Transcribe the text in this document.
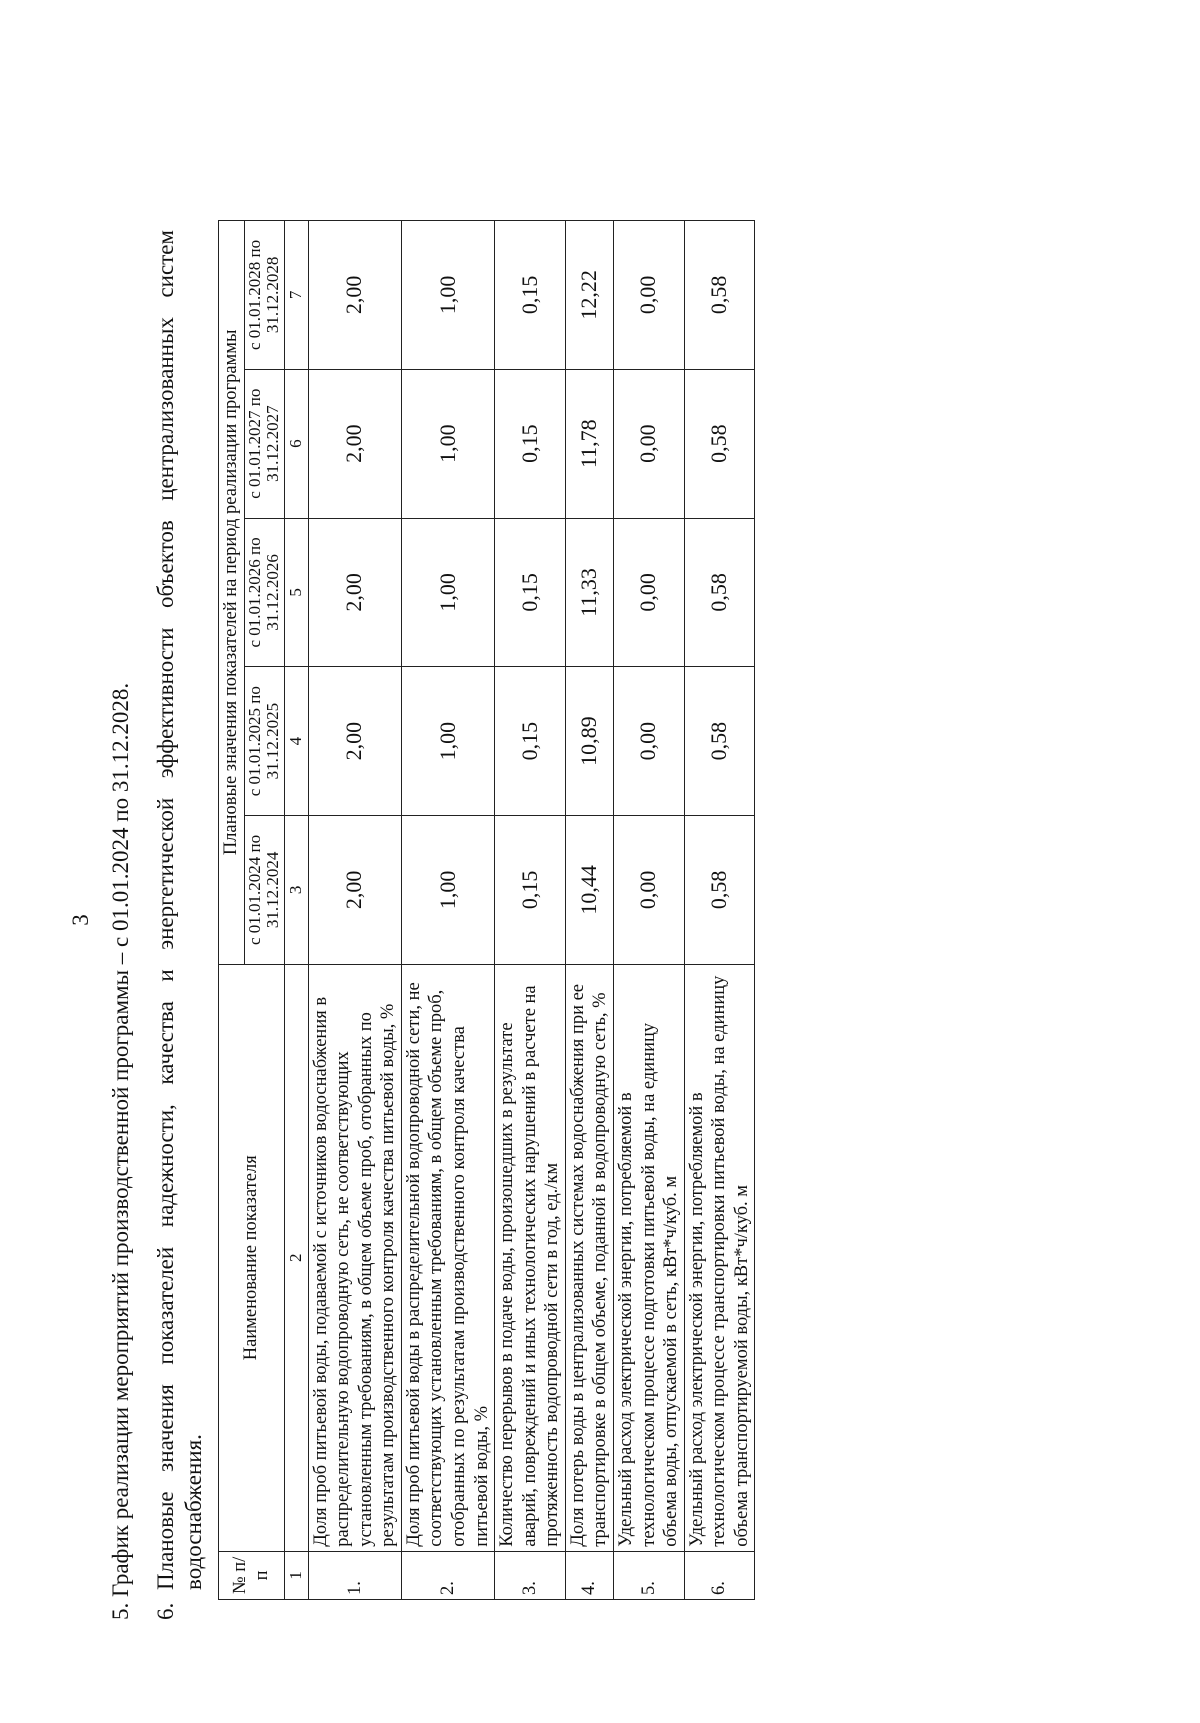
3
5. График реализации мероприятий производственной программы – с 01.01.2024 по 31.12.2028.
6.Плановые значения показателей надежности, качества и энергетической эффективности объектов централизованных систем водоснабжения. № п/п	Наименование показателя	Плановые значения показателей на период реализации программы				
		с 01.01.2024 по 31.12.2024	с 01.01.2025 по 31.12.2025	с 01.01.2026 по 31.12.2026	с 01.01.2027 по 31.12.2027	с 01.01.2028 по 31.12.2028
1	2	3	4	5	6	7
1.	Доля проб питьевой воды, подаваемой с источников водоснабжения в распределительную водопроводную сеть, не соответствующих установленным требованиям, в общем объеме проб, отобранных по результатам производственного контроля качества питьевой воды, %	2,00	2,00	2,00	2,00	2,00
2.	Доля проб питьевой воды в распределительной водопроводной сети, не соответствующих установленным требованиям, в общем объеме проб, отобранных по результатам производственного контроля качества питьевой воды, %	1,00	1,00	1,00	1,00	1,00
3.	Количество перерывов в подаче воды, произошедших в результате аварий, повреждений и иных технологических нарушений в расчете на протяженность водопроводной сети в год, ед./км	0,15	0,15	0,15	0,15	0,15
4.	Доля потерь воды в централизованных системах водоснабжения при ее транспортировке в общем объеме, поданной в водопроводную сеть, %	10,44	10,89	11,33	11,78	12,22
5.	Удельный расход электрической энергии, потребляемой в технологическом процессе подготовки питьевой воды, на единицу объема воды, отпускаемой в сеть, кВт*ч/куб. м	0,00	0,00	0,00	0,00	0,00
6.	Удельный расход электрической энергии, потребляемой в технологическом процессе транспортировки питьевой воды, на единицу объема транспортируемой воды, кВт*ч/куб. м	0,58	0,58	0,58	0,58	0,58
